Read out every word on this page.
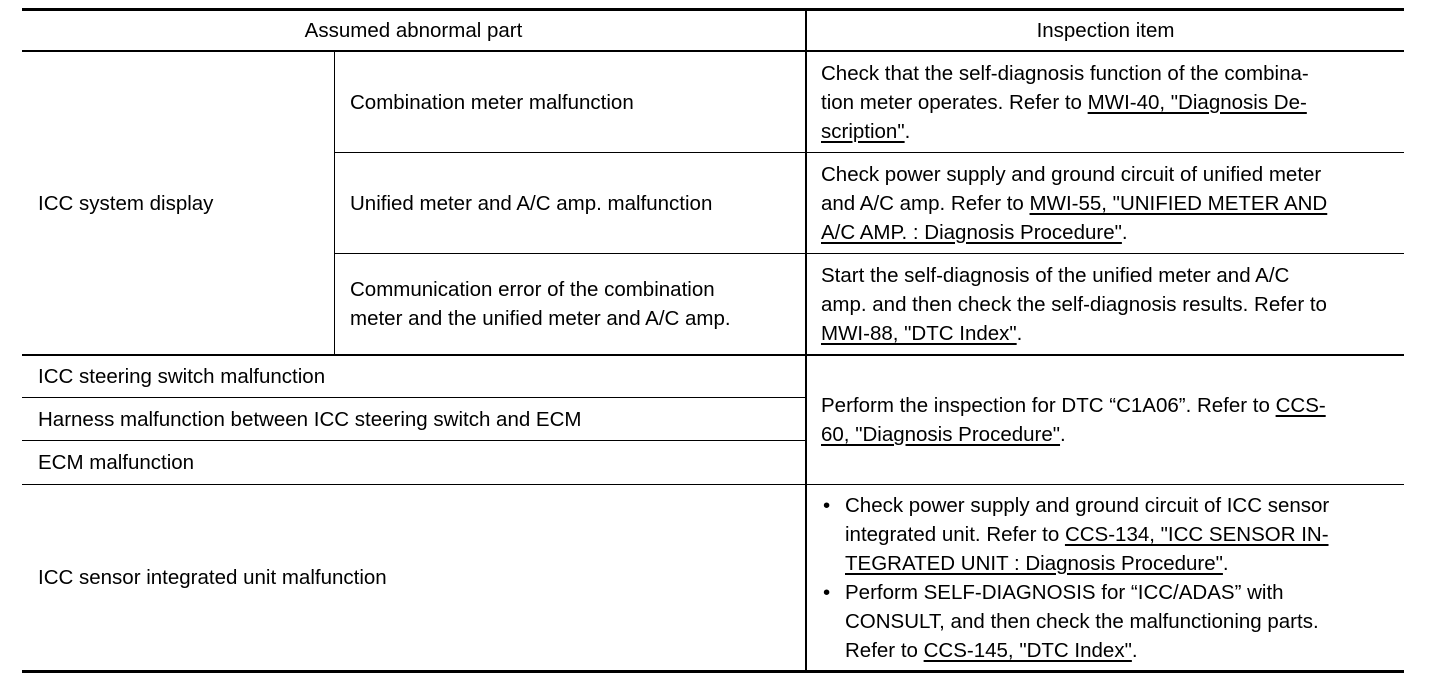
Assumed abnormal part	Inspection item
ICC system display
Combination meter malfunction
Check that the self-diagnosis function of the combina-
tion meter operates. Refer to MWI-40, "Diagnosis De-
scription".
Unified meter and A/C amp. malfunction
Check power supply and ground circuit of unified meter
and A/C amp. Refer to MWI-55, "UNIFIED METER AND
A/C AMP. : Diagnosis Procedure".
Communication error of the combination
meter and the unified meter and A/C amp.
Start the self-diagnosis of the unified meter and A/C
amp. and then check the self-diagnosis results. Refer to
MWI-88, "DTC Index".
ICC steering switch malfunction
Harness malfunction between ICC steering switch and ECM
ECM malfunction
Perform the inspection for DTC “C1A06”. Refer to CCS-
60, "Diagnosis Procedure".
ICC sensor integrated unit malfunction
• Check power supply and ground circuit of ICC sensor
integrated unit. Refer to CCS-134, "ICC SENSOR IN-
TEGRATED UNIT : Diagnosis Procedure".
• Perform SELF-DIAGNOSIS for “ICC/ADAS” with
CONSULT, and then check the malfunctioning parts.
Refer to CCS-145, "DTC Index".
